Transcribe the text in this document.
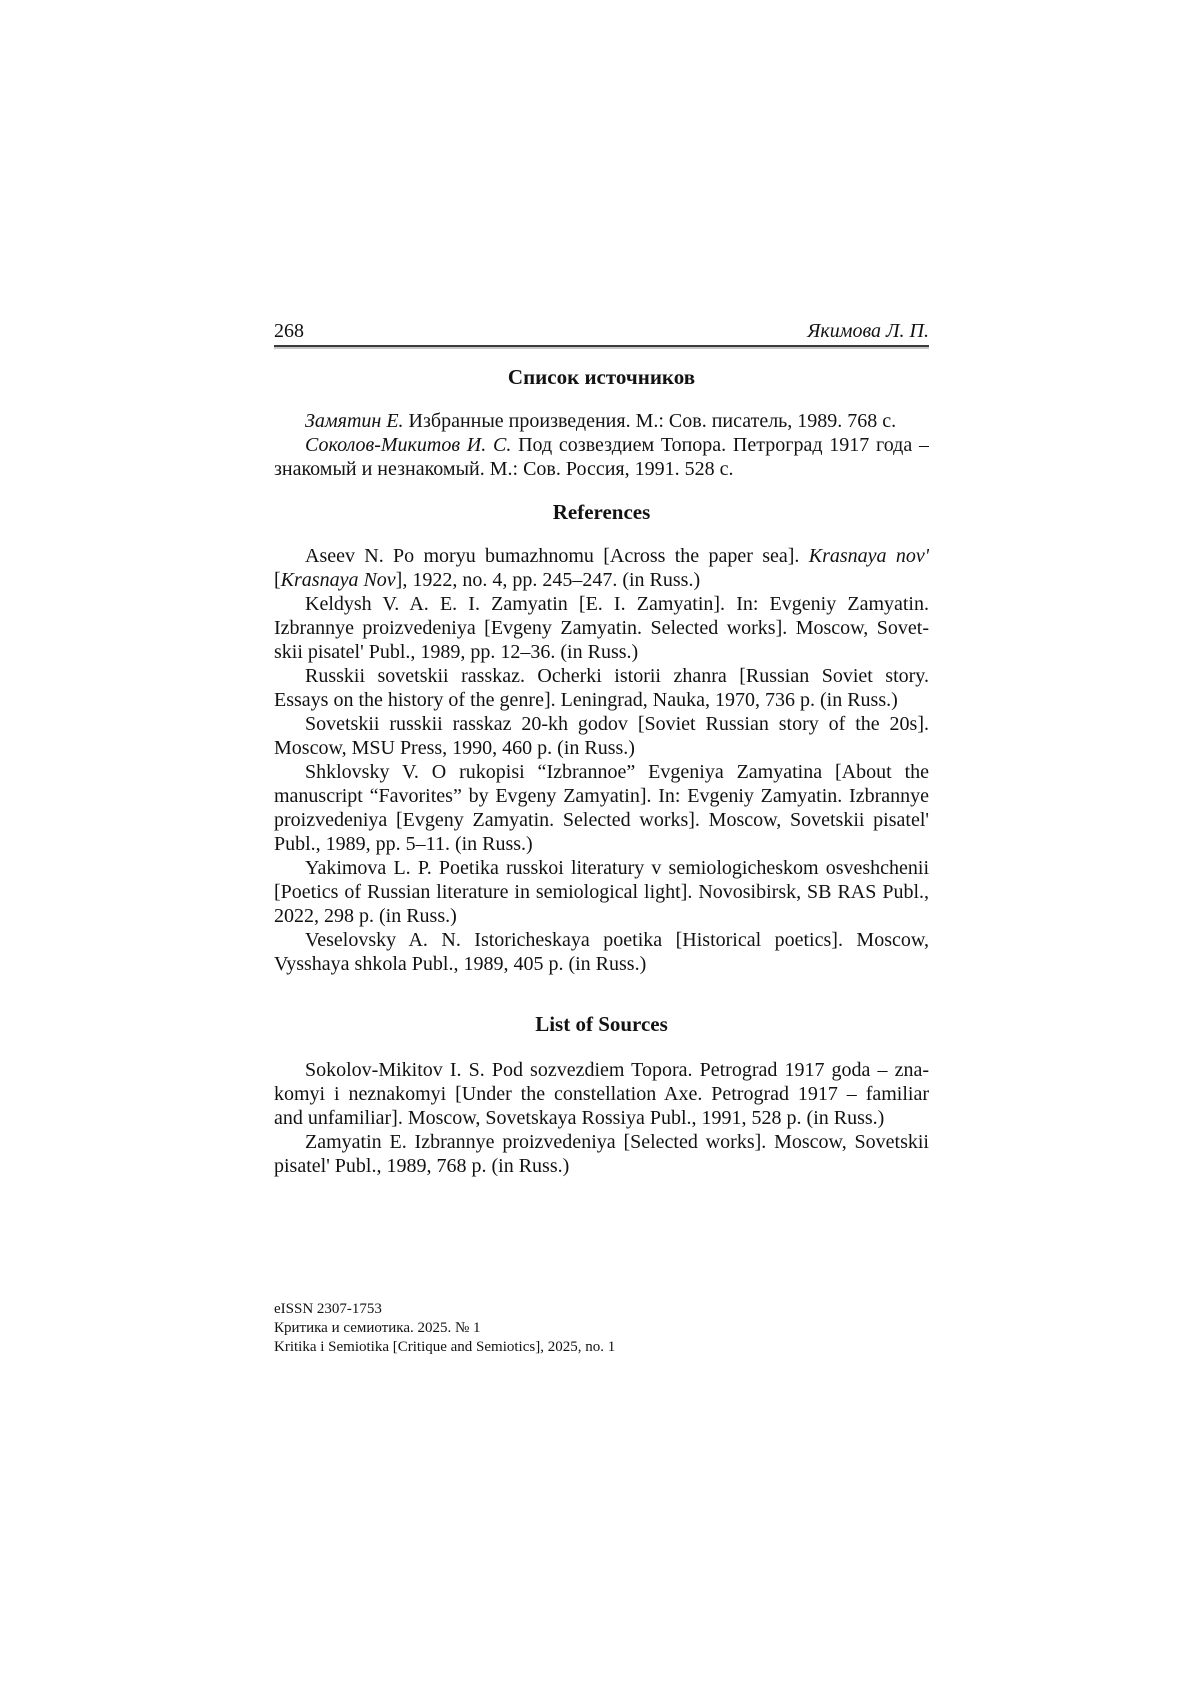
268	Якимова Л. П.
Список источников
Замятин Е. Избранные произведения. М.: Сов. писатель, 1989. 768 с.
Соколов-Микитов И. С. Под созвездием Топора. Петроград 1917 года –
знакомый и незнакомый. М.: Сов. Россия, 1991. 528 с.
References
Aseev N. Po moryu bumazhnomu [Across the paper sea]. Krasnaya nov'
[Krasnaya Nov], 1922, no. 4, pp. 245–247. (in Russ.)
Keldysh V. A. E. I. Zamyatin [E. I. Zamyatin]. In: Evgeniy Zamyatin.
Izbrannye proizvedeniya [Evgeny Zamyatin. Selected works]. Moscow, Sovet-
skii pisatel' Publ., 1989, pp. 12–36. (in Russ.)
Russkii sovetskii rasskaz. Ocherki istorii zhanra [Russian Soviet story.
Essays on the history of the genre]. Leningrad, Nauka, 1970, 736 p. (in Russ.)
Sovetskii russkii rasskaz 20-kh godov [Soviet Russian story of the 20s].
Moscow, MSU Press, 1990, 460 p. (in Russ.)
Shklovsky V. O rukopisi “Izbrannoe” Evgeniya Zamyatina [About the
manuscript “Favorites” by Evgeny Zamyatin]. In: Evgeniy Zamyatin. Izbrannye
proizvedeniya [Evgeny Zamyatin. Selected works]. Moscow, Sovetskii pisatel'
Publ., 1989, pp. 5–11. (in Russ.)
Yakimova L. P. Poetika russkoi literatury v semiologicheskom osveshchenii
[Poetics of Russian literature in semiological light]. Novosibirsk, SB RAS Publ.,
2022, 298 p. (in Russ.)
Veselovsky A. N. Istoricheskaya poetika [Historical poetics]. Moscow,
Vysshaya shkola Publ., 1989, 405 p. (in Russ.)
List of Sources
Sokolov-Mikitov I. S. Pod sozvezdiem Topora. Petrograd 1917 goda – zna-
komyi i neznakomyi [Under the constellation Axe. Petrograd 1917 – familiar
and unfamiliar]. Moscow, Sovetskaya Rossiya Publ., 1991, 528 p. (in Russ.)
Zamyatin E. Izbrannye proizvedeniya [Selected works]. Moscow, Sovetskii
pisatel' Publ., 1989, 768 p. (in Russ.)
eISSN 2307-1753
Критика и семиотика. 2025. № 1
Kritika i Semiotika [Critique and Semiotics], 2025, no. 1
